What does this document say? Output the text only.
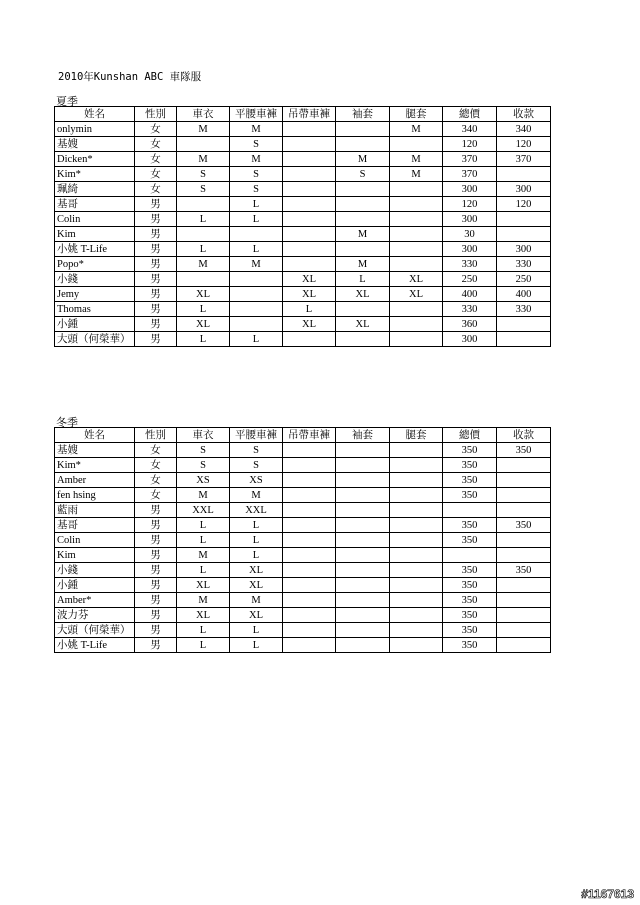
2010年Kunshan ABC 車隊服
夏季
姓名	性別	車衣	平腰車褲	吊帶車褲	袖套	腿套	總價	收款
onlymin	女	M	M			M	340	340
基嫂	女		S				120	120
Dicken*	女	M	M		M	M	370	370
Kim*	女	S	S		S	M	370	
珮綺	女	S	S				300	300
基哥	男		L				120	120
Colin	男	L	L				300	
Kim	男				M		30	
小姚 T-Life	男	L	L				300	300
Popo*	男	M	M		M		330	330
小錢	男			XL	L	XL	250	250
Jemy	男	XL		XL	XL	XL	400	400
Thomas	男	L		L			330	330
小鍾	男	XL		XL	XL		360	
大頭（何榮華）	男	L	L				300	
冬季
姓名	性別	車衣	平腰車褲	吊帶車褲	袖套	腿套	總價	收款
基嫂	女	S	S				350	350
Kim*	女	S	S				350	
Amber	女	XS	XS				350	
fen hsing	女	M	M				350	
藍雨	男	XXL	XXL					
基哥	男	L	L				350	350
Colin	男	L	L				350	
Kim	男	M	L					
小錢	男	L	XL				350	350
小鍾	男	XL	XL				350	
Amber*	男	M	M				350	
波力芬	男	XL	XL				350	
大頭（何榮華）	男	L	L				350	
小姚 T-Life	男	L	L				350	
#1167613
